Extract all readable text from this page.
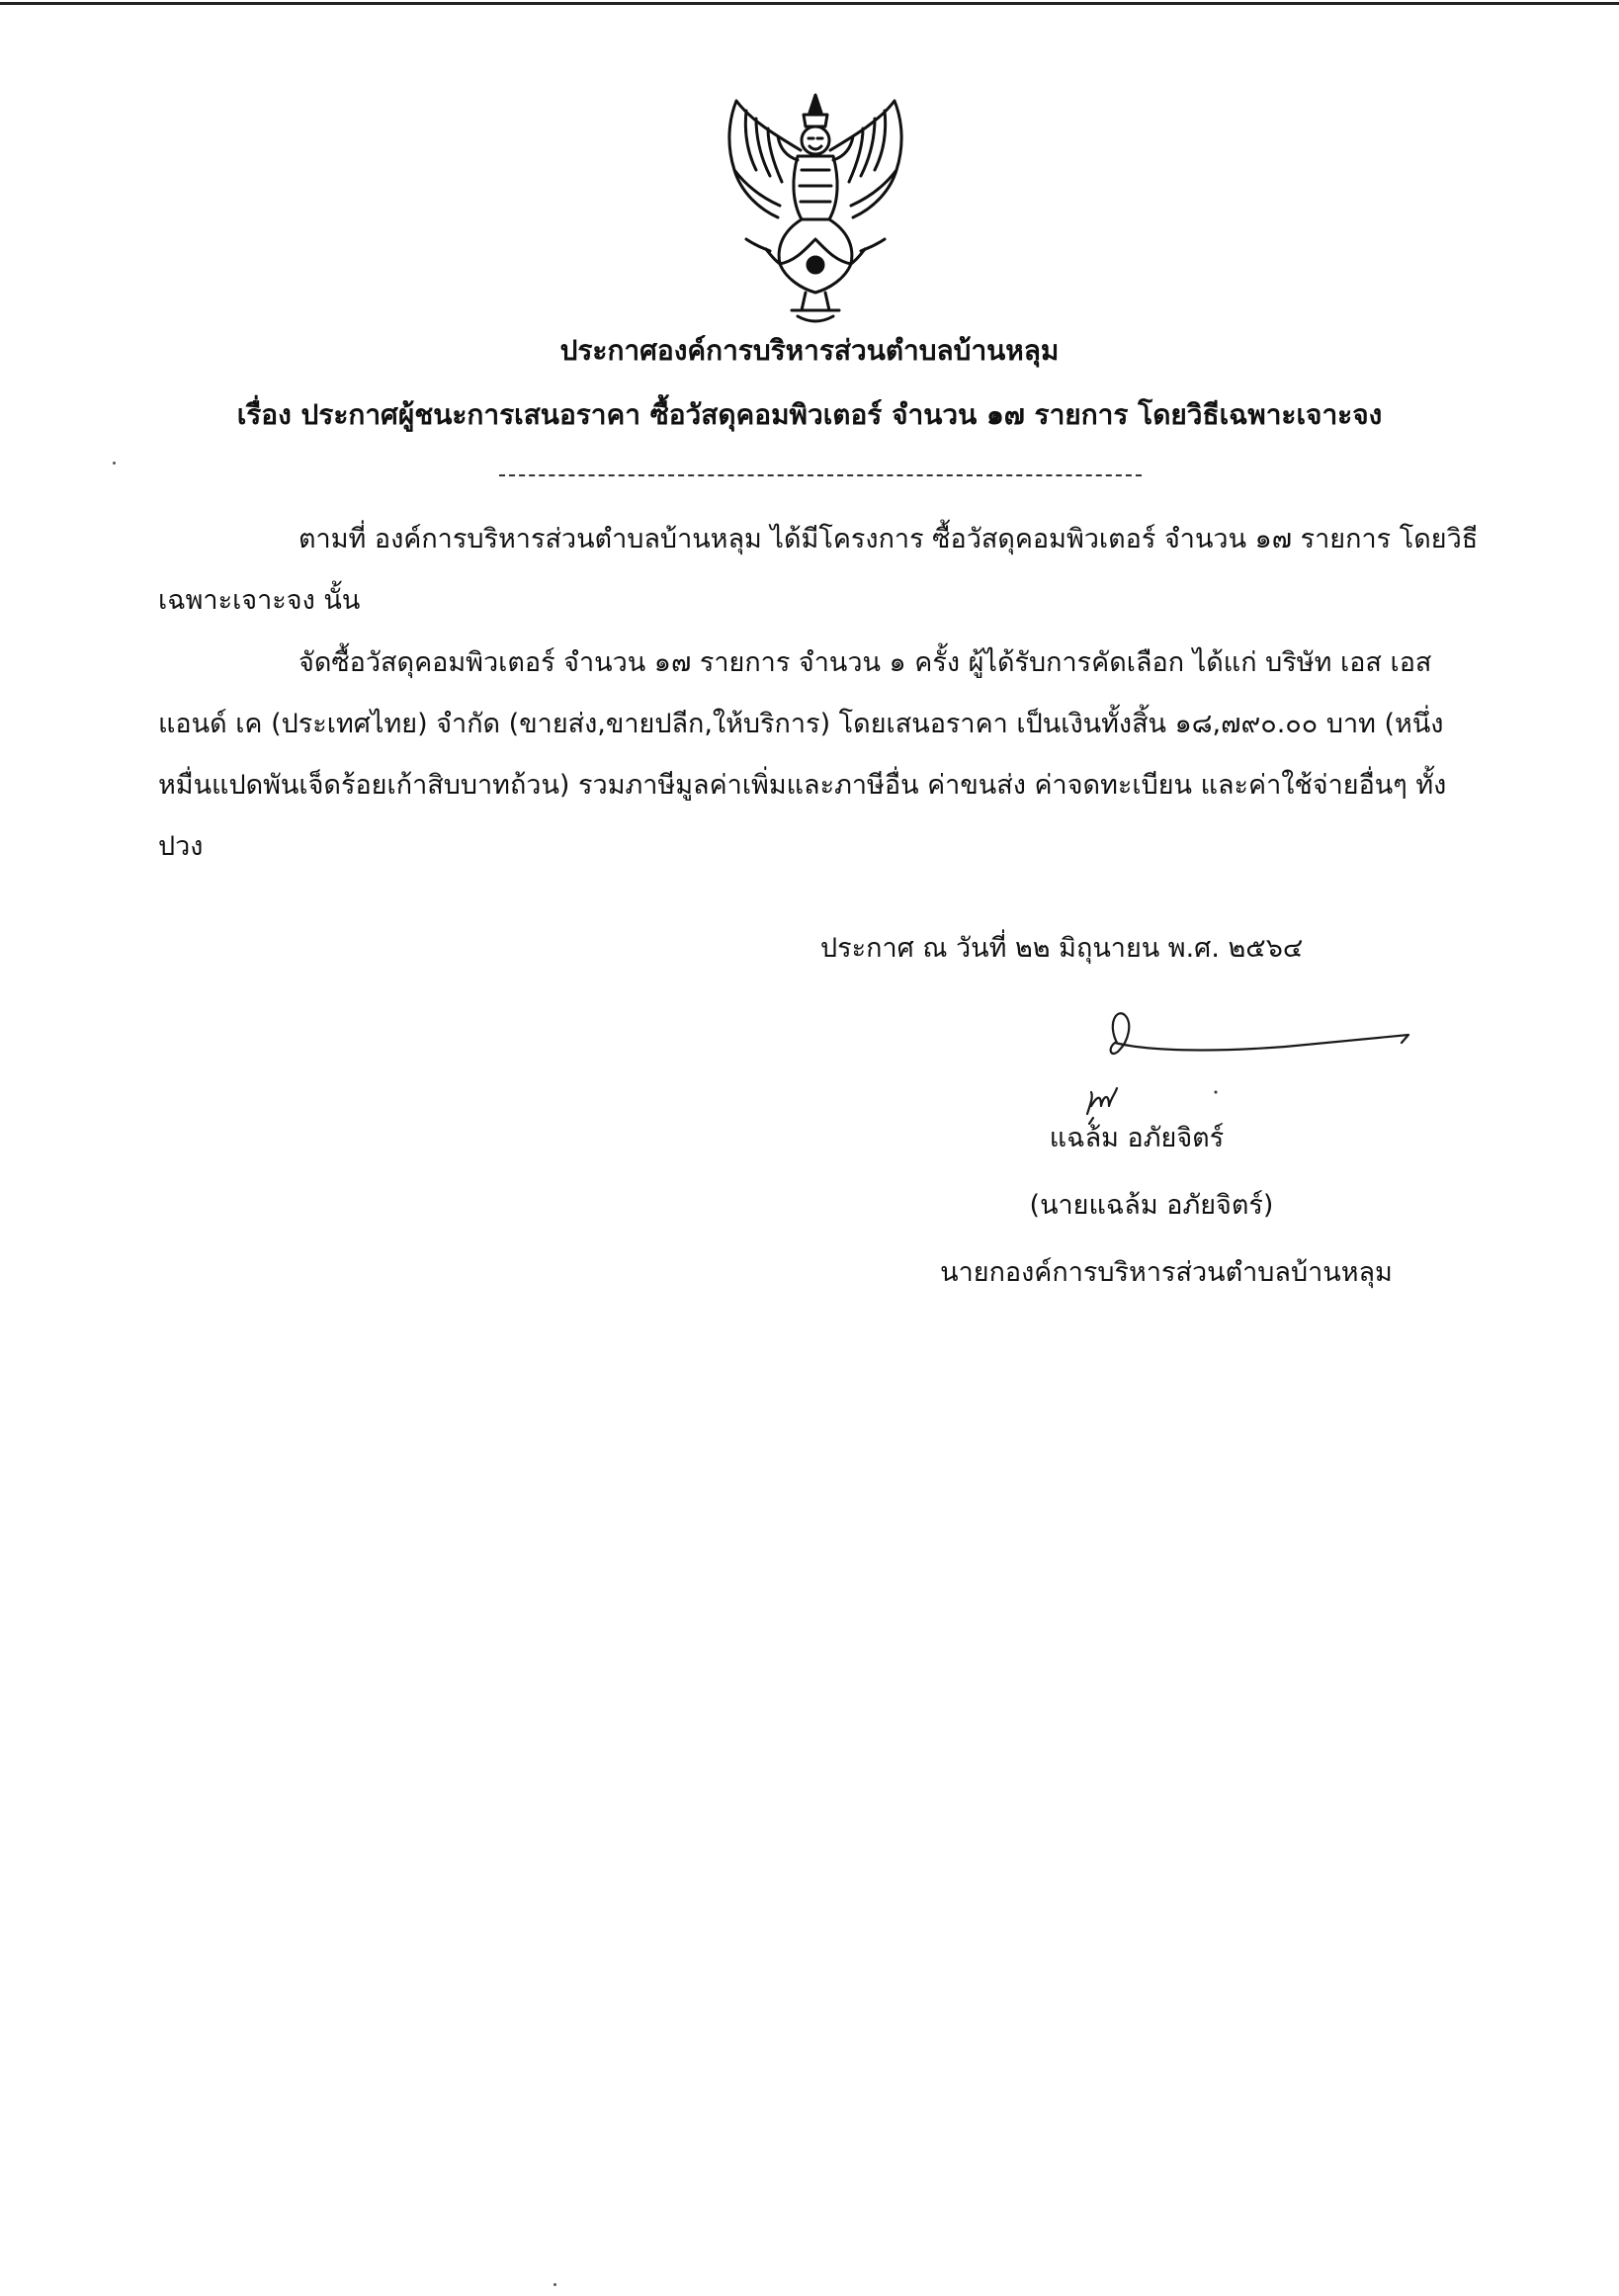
ประกาศองค์การบริหารส่วนตำบลบ้านหลุม
เรื่อง ประกาศผู้ชนะการเสนอราคา ซื้อวัสดุคอมพิวเตอร์ จำนวน ๑๗ รายการ โดยวิธีเฉพาะเจาะจง
ตามที่ องค์การบริหารส่วนตำบลบ้านหลุม ได้มีโครงการ ซื้อวัสดุคอมพิวเตอร์ จำนวน ๑๗ รายการ โดยวิธี
เฉพาะเจาะจง นั้น
จัดซื้อวัสดุคอมพิวเตอร์ จำนวน ๑๗ รายการ จำนวน ๑ ครั้ง ผู้ได้รับการคัดเลือก ได้แก่ บริษัท เอส เอส
แอนด์ เค (ประเทศไทย) จำกัด (ขายส่ง,ขายปลีก,ให้บริการ) โดยเสนอราคา เป็นเงินทั้งสิ้น ๑๘,๗๙๐.๐๐ บาท (หนึ่ง
หมื่นแปดพันเจ็ดร้อยเก้าสิบบาทถ้วน) รวมภาษีมูลค่าเพิ่มและภาษีอื่น ค่าขนส่ง ค่าจดทะเบียน และค่าใช้จ่ายอื่นๆ ทั้ง
ปวง
ประกาศ ณ วันที่ ๒๒ มิถุนายน พ.ศ. ๒๕๖๔
แฉล้ม อภัยจิตร์
(นายแฉล้ม อภัยจิตร์)
นายกองค์การบริหารส่วนตำบลบ้านหลุม
